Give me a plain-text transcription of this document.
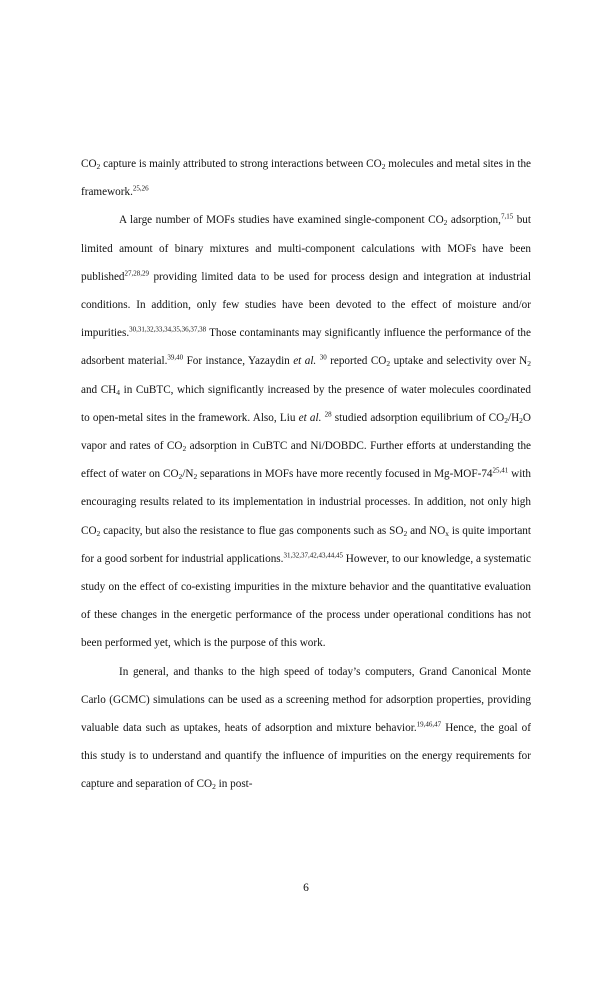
$CO_2$ capture is mainly attributed to strong interactions between $CO_2$ molecules and metal sites in the framework.$^{25,26}$

A large number of MOFs studies have examined single-component $CO_2$ adsorption,$^{7,15}$ but limited amount of binary mixtures and multi-component calculations with MOFs have been published$^{27,28,29}$ providing limited data to be used for process design and integration at industrial conditions. In addition, only few studies have been devoted to the effect of moisture and/or impurities.$^{30,31,32,33,34,35,36,37,38}$ Those contaminants may significantly influence the performance of the adsorbent material.$^{39,40}$ For instance, Yazaydin et al. $^{30}$ reported $CO_2$ uptake and selectivity over $N_2$ and $CH_4$ in CuBTC, which significantly increased by the presence of water molecules coordinated to open-metal sites in the framework. Also, Liu et al. $^{28}$ studied adsorption equilibrium of $CO_2/H_2O$ vapor and rates of $CO_2$ adsorption in CuBTC and Ni/DOBDC. Further efforts at understanding the effect of water on $CO_2/N_2$ separations in MOFs have more recently focused in Mg-MOF-74$^{25,41}$ with encouraging results related to its implementation in industrial processes. In addition, not only high $CO_2$ capacity, but also the resistance to flue gas components such as $SO_2$ and $NO_x$ is quite important for a good sorbent for industrial applications.$^{31,32,37,42,43,44,45}$ However, to our knowledge, a systematic study on the effect of co-existing impurities in the mixture behavior and the quantitative evaluation of these changes in the energetic performance of the process under operational conditions has not been performed yet, which is the purpose of this work.

In general, and thanks to the high speed of today’s computers, Grand Canonical Monte Carlo (GCMC) simulations can be used as a screening method for adsorption properties, providing valuable data such as uptakes, heats of adsorption and mixture behavior.$^{19,46,47}$ Hence, the goal of this study is to understand and quantify the influence of impurities on the energy requirements for capture and separation of $CO_2$ in post-

6
